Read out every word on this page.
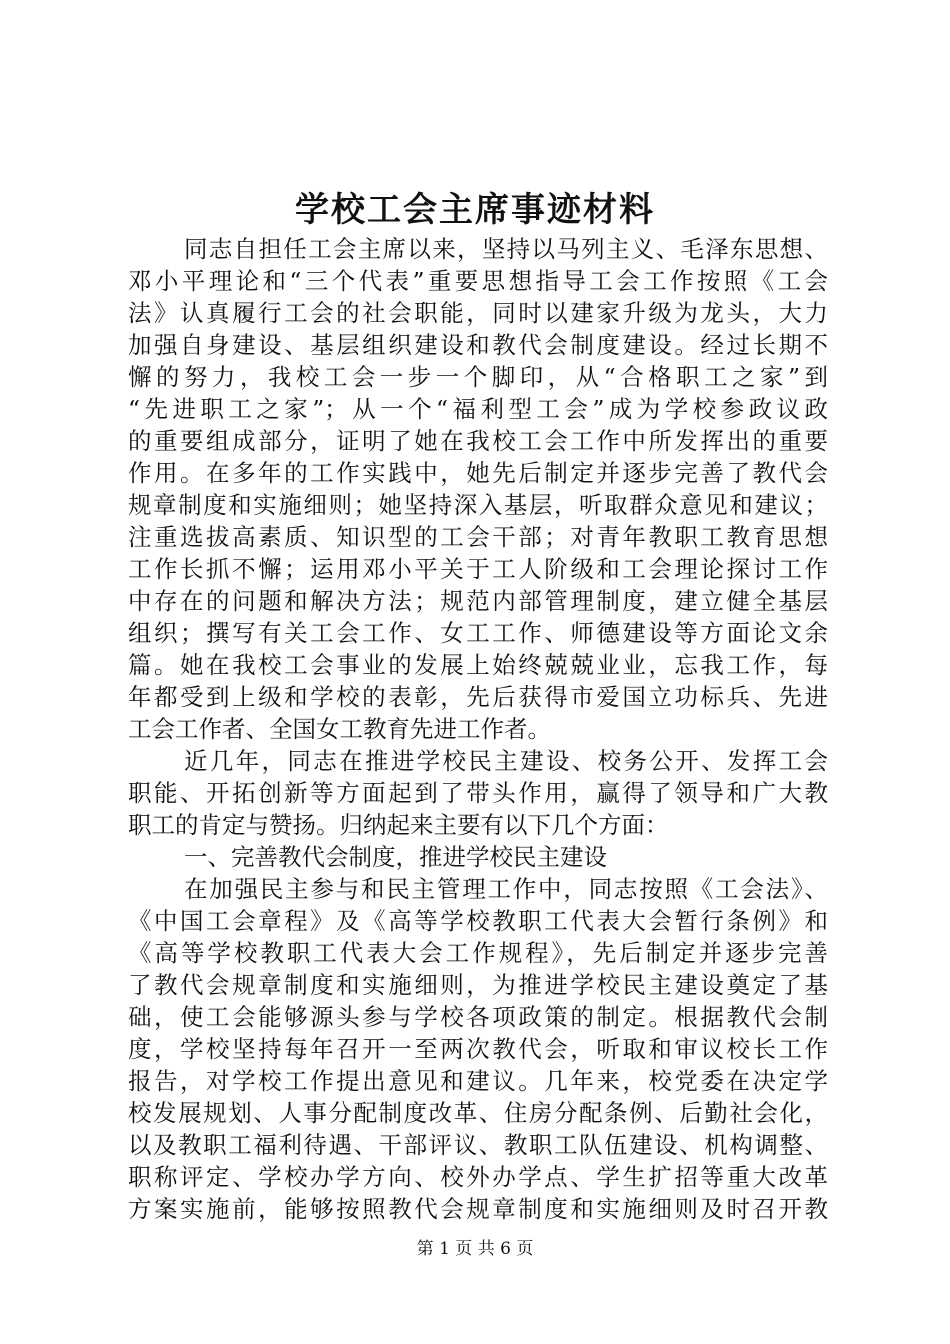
学校工会主席事迹材料
同志自担任工会主席以来，坚持以马列主义、毛泽东思想、
邓小平理论和“三个代表”重要思想指导工会工作按照《工会
法》认真履行工会的社会职能，同时以建家升级为龙头，大力
加强自身建设、基层组织建设和教代会制度建设。经过长期不
懈的努力，我校工会一步一个脚印，从“合格职工之家”到
“先进职工之家”；从一个“福利型工会”成为学校参政议政
的重要组成部分，证明了她在我校工会工作中所发挥出的重要
作用。在多年的工作实践中，她先后制定并逐步完善了教代会
规章制度和实施细则；她坚持深入基层，听取群众意见和建议；
注重选拔高素质、知识型的工会干部；对青年教职工教育思想
工作长抓不懈；运用邓小平关于工人阶级和工会理论探讨工作
中存在的问题和解决方法；规范内部管理制度，建立健全基层
组织；撰写有关工会工作、女工工作、师德建设等方面论文余
篇。她在我校工会事业的发展上始终兢兢业业，忘我工作，每
年都受到上级和学校的表彰，先后获得市爱国立功标兵、先进
工会工作者、全国女工教育先进工作者。
近几年，同志在推进学校民主建设、校务公开、发挥工会
职能、开拓创新等方面起到了带头作用，赢得了领导和广大教
职工的肯定与赞扬。归纳起来主要有以下几个方面：
一、完善教代会制度，推进学校民主建设
在加强民主参与和民主管理工作中，同志按照《工会法》、
《中国工会章程》及《高等学校教职工代表大会暂行条例》和
《高等学校教职工代表大会工作规程》，先后制定并逐步完善
了教代会规章制度和实施细则，为推进学校民主建设奠定了基
础，使工会能够源头参与学校各项政策的制定。根据教代会制
度，学校坚持每年召开一至两次教代会，听取和审议校长工作
报告，对学校工作提出意见和建议。几年来，校党委在决定学
校发展规划、人事分配制度改革、住房分配条例、后勤社会化，
以及教职工福利待遇、干部评议、教职工队伍建设、机构调整、
职称评定、学校办学方向、校外办学点、学生扩招等重大改革
方案实施前，能够按照教代会规章制度和实施细则及时召开教
第 1 页 共 6 页
